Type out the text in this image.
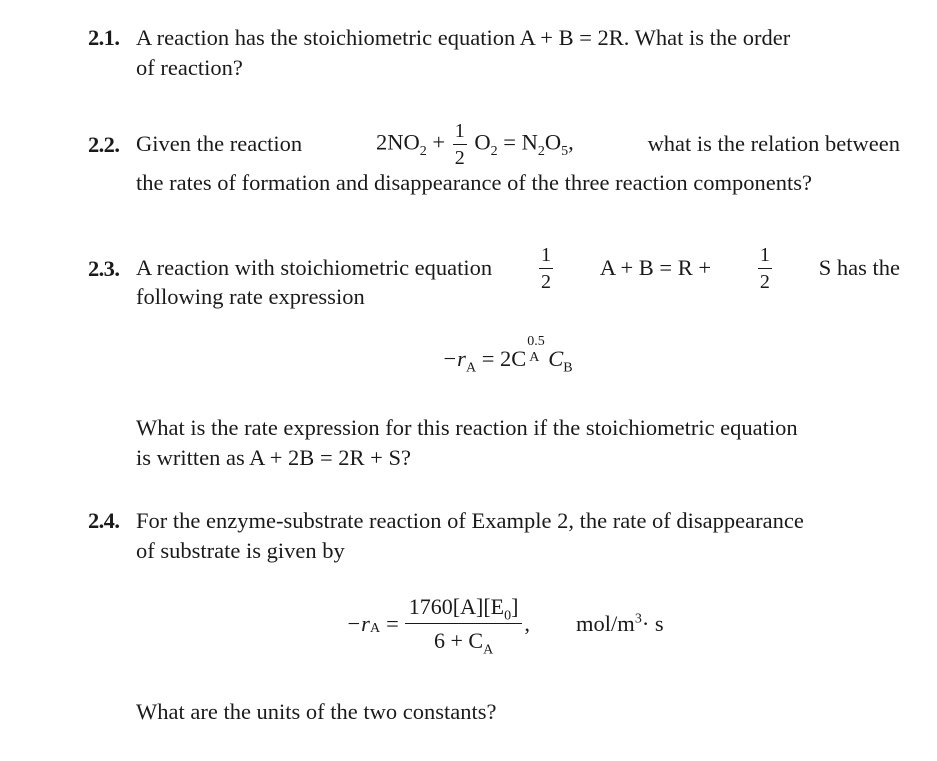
2.1. A reaction has the stoichiometric equation A + B = 2R. What is the order
of reaction?
2.2. Given the reaction	$2NO_2 + \frac{1}{2} O_2 = N_2O_5$,	what is the relation between
the rates of formation and disappearance of the three reaction components?
2.3. A reaction with stoichiometric equation $\frac{1}{2}$ $A + B = R + \frac{1}{2}$ S has the
following rate expression
$-r_A = 2C$
0.5
A $C_B$
What is the rate expression for this reaction if the stoichiometric equation
is written as A + 2B = 2R + S?
2.4. For the enzyme-substrate reaction of Example 2, the rate of disappearance
of substrate is given by
−r $A = \frac{1760[A][E_0]}{6 + C_A}$ , mol/$m^3\cdot s$
What are the units of the two constants?
